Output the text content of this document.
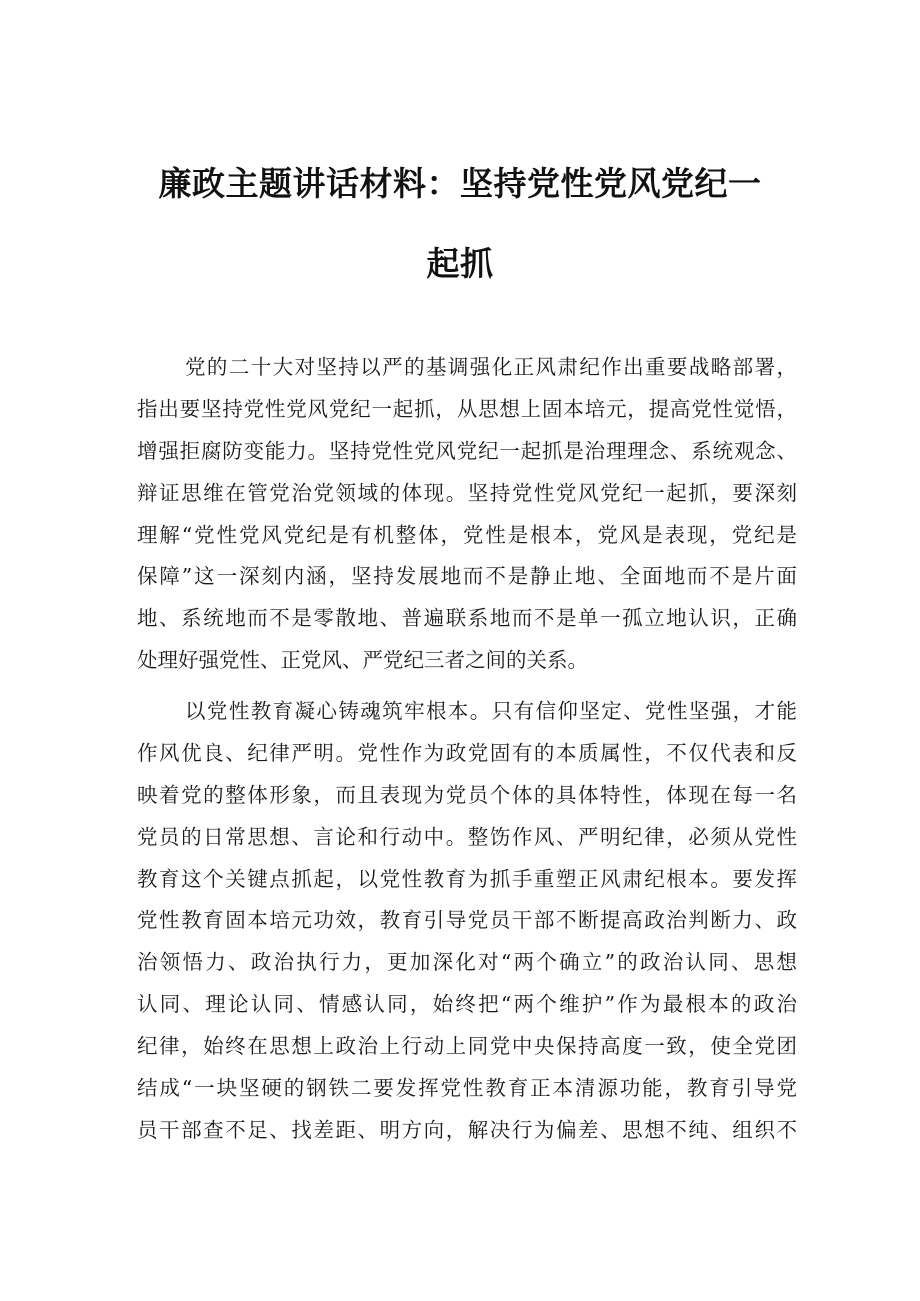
廉政主题讲话材料：坚持党性党风党纪一
起抓
党的二十大对坚持以严的基调强化正风肃纪作出重要战略部署，
指出要坚持党性党风党纪一起抓，从思想上固本培元，提高党性觉悟，
增强拒腐防变能力。坚持党性党风党纪一起抓是治理理念、系统观念、
辩证思维在管党治党领域的体现。坚持党性党风党纪一起抓，要深刻
理解“党性党风党纪是有机整体，党性是根本，党风是表现，党纪是
保障”这一深刻内涵，坚持发展地而不是静止地、全面地而不是片面
地、系统地而不是零散地、普遍联系地而不是单一孤立地认识，正确
处理好强党性、正党风、严党纪三者之间的关系。
以党性教育凝心铸魂筑牢根本。只有信仰坚定、党性坚强，才能
作风优良、纪律严明。党性作为政党固有的本质属性，不仅代表和反
映着党的整体形象，而且表现为党员个体的具体特性，体现在每一名
党员的日常思想、言论和行动中。整饬作风、严明纪律，必须从党性
教育这个关键点抓起，以党性教育为抓手重塑正风肃纪根本。要发挥
党性教育固本培元功效，教育引导党员干部不断提高政治判断力、政
治领悟力、政治执行力，更加深化对“两个确立”的政治认同、思想
认同、理论认同、情感认同，始终把“两个维护”作为最根本的政治
纪律，始终在思想上政治上行动上同党中央保持高度一致，使全党团
结成“一块坚硬的钢铁二要发挥党性教育正本清源功能，教育引导党
员干部查不足、找差距、明方向，解决行为偏差、思想不纯、组织不
